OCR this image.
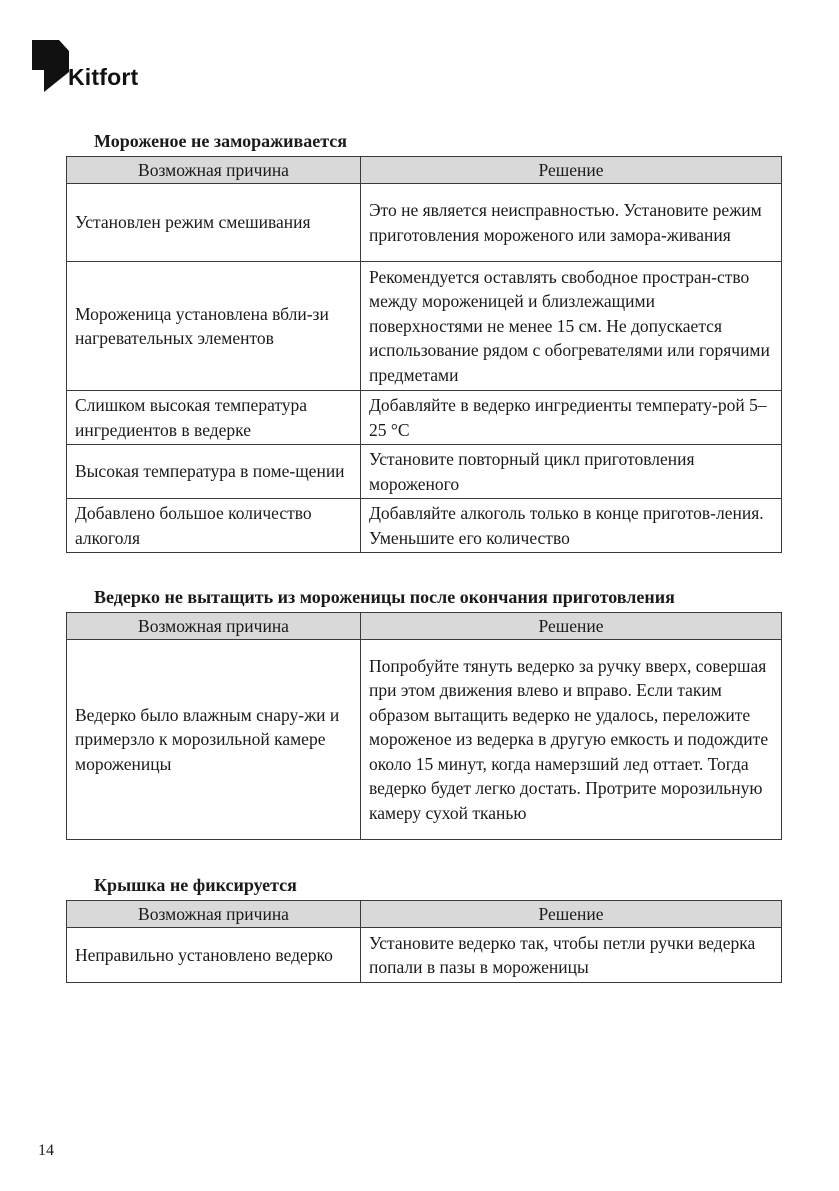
Kitfort
Мороженое не замораживается
Возможная причина	Решение
Установлен режим смешивания	Это не является неисправностью. Установите режим приготовления мороженого или замора-живания
Мороженица установлена вбли-зи нагревательных элементов	Рекомендуется оставлять свободное простран-ство между мороженицей и близлежащими поверхностями не менее 15 см. Не допускается использование рядом с обогревателями или горячими предметами
Слишком высокая температура ингредиентов в ведерке	Добавляйте в ведерко ингредиенты температу-рой 5–25 °С
Высокая температура в поме-щении	Установите повторный цикл приготовления мороженого
Добавлено большое количество алкоголя	Добавляйте алкоголь только в конце приготов-ления. Уменьшите его количество
Ведерко не вытащить из мороженицы после окончания приготовления
Возможная причина	Решение
Ведерко было влажным снару-жи и примерзло к морозильной камере мороженицы	Попробуйте тянуть ведерко за ручку вверх, совершая при этом движения влево и вправо. Если таким образом вытащить ведерко не удалось, переложите мороженое из ведерка в другую емкость и подождите около 15 минут, когда намерзший лед оттает. Тогда ведерко будет легко достать. Протрите морозильную камеру сухой тканью
Крышка не фиксируется
Возможная причина	Решение
Неправильно установлено ведерко	Установите ведерко так, чтобы петли ручки ведерка попали в пазы в мороженицы
14
